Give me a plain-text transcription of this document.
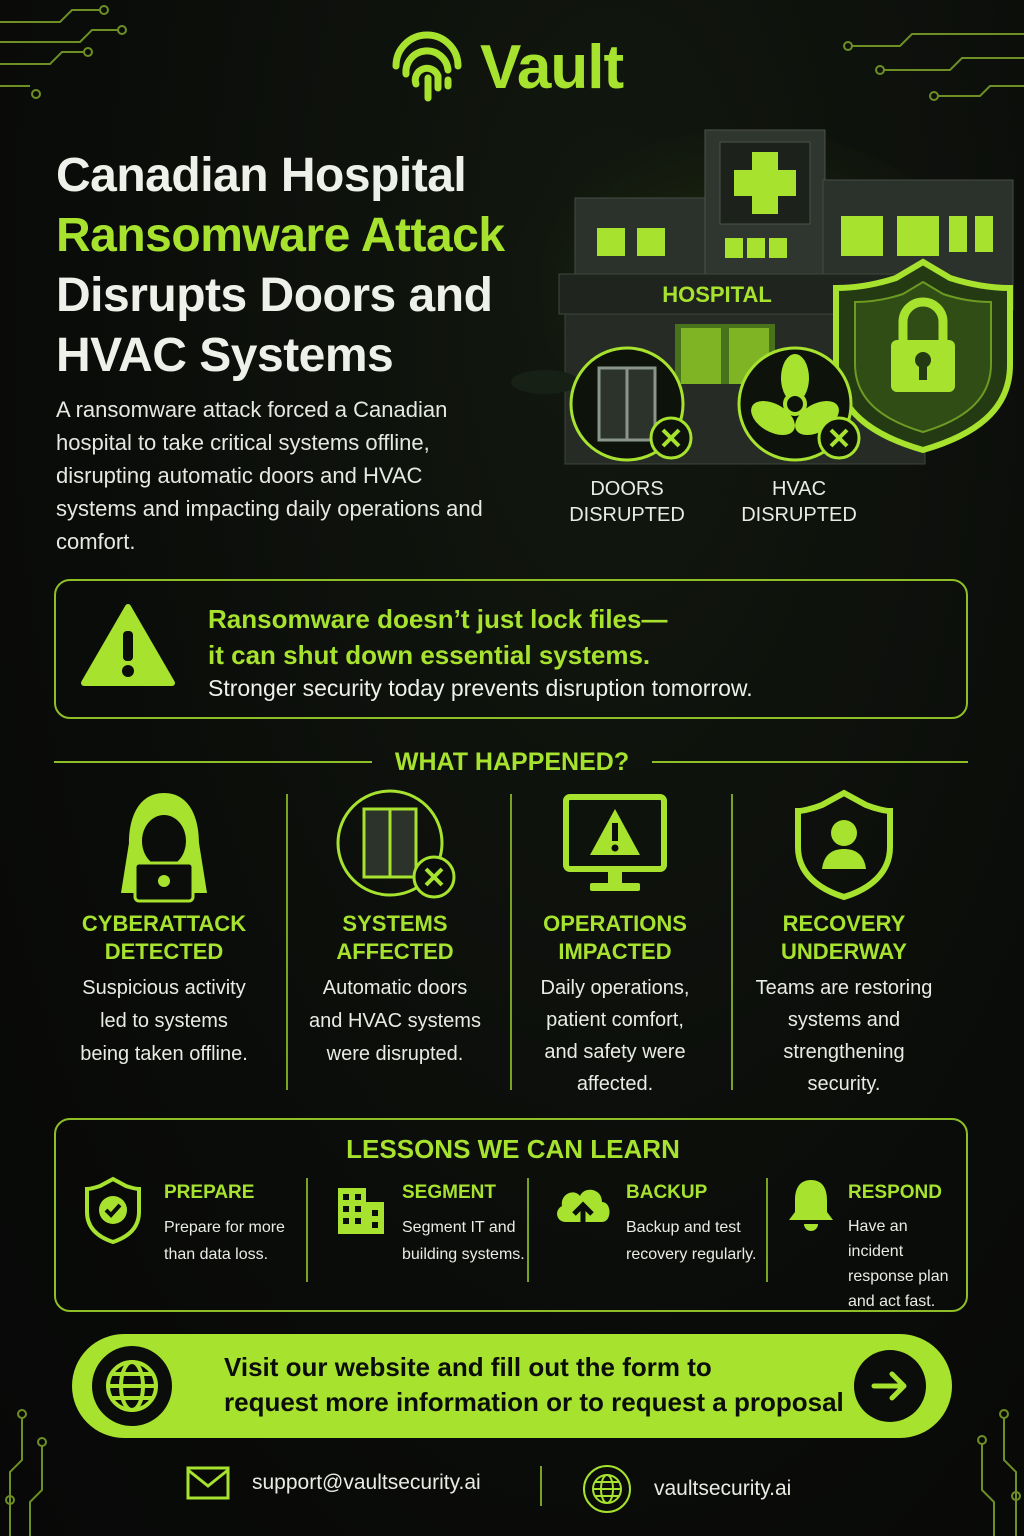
Vault
Canadian Hospital
Ransomware Attack
Disrupts Doors and
HVAC Systems
A ransomware attack forced a Canadian hospital to take critical systems offline, disrupting automatic doors and HVAC systems and impacting daily operations and comfort.
HOSPITAL
DOORS
DISRUPTED
HVAC
DISRUPTED
Ransomware doesn’t just lock files—
it can shut down essential systems.
Stronger security today prevents disruption tomorrow.
WHAT HAPPENED?
CYBERATTACK
DETECTED
Suspicious activity
led to systems
being taken offline.
SYSTEMS
AFFECTED
Automatic doors
and HVAC systems
were disrupted.
OPERATIONS
IMPACTED
Daily operations,
patient comfort,
and safety were
affected.
RECOVERY
UNDERWAY
Teams are restoring
systems and
strengthening
security.
LESSONS WE CAN LEARN
PREPARE
Prepare for more
than data loss.
SEGMENT
Segment IT and
building systems.
BACKUP
Backup and test
recovery regularly.
RESPOND
Have an incident
response plan
and act fast.
Visit our website and fill out the form to
request more information or to request a proposal
support@vaultsecurity.ai	vaultsecurity.ai
